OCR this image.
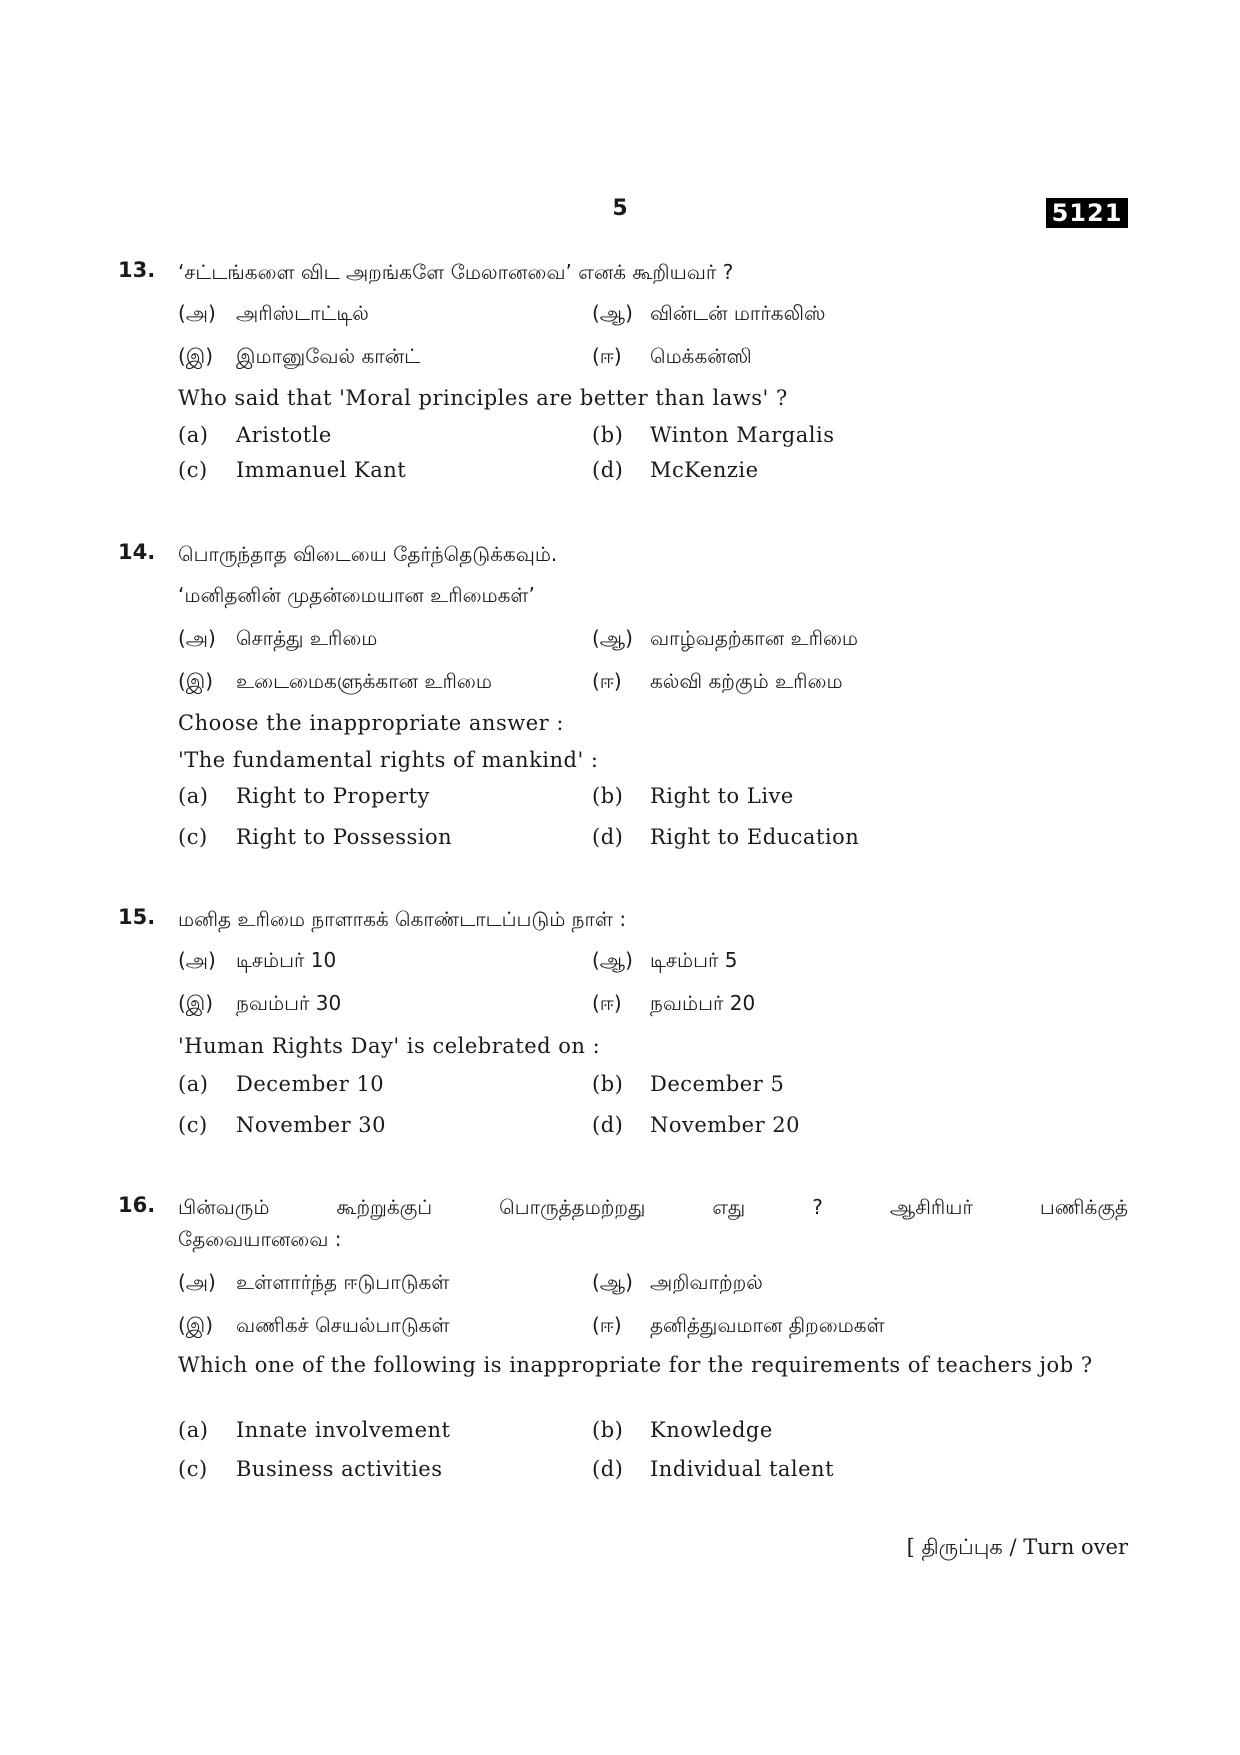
5	5121
13. ‘சட்டங்களை விட அறங்களே மேலானவை’ எனக் கூறியவர் ?
(அ) அரிஸ்டாட்டில்	(ஆ) வின்டன் மார்கலிஸ்
(இ) இமானுவேல் கான்ட்	(ஈ) மெக்கன்ஸி
Who said that 'Moral principles are better than laws' ?
(a) Aristotle	(b) Winton Margalis
(c) Immanuel Kant	(d) McKenzie
14. பொருந்தாத விடையை தேர்ந்தெடுக்கவும்.
‘மனிதனின் முதன்மையான உரிமைகள்’
(அ) சொத்து உரிமை	(ஆ) வாழ்வதற்கான உரிமை
(இ) உடைமைகளுக்கான உரிமை	(ஈ) கல்வி கற்கும் உரிமை
Choose the inappropriate answer :
'The fundamental rights of mankind' :
(a) Right to Property	(b) Right to Live
(c) Right to Possession	(d) Right to Education
15. மனித உரிமை நாளாகக் கொண்டாடப்படும் நாள் :
(அ) டிசம்பர் 10	(ஆ) டிசம்பர் 5
(இ) நவம்பர் 30	(ஈ) நவம்பர் 20
'Human Rights Day' is celebrated on :
(a) December 10	(b) December 5
(c) November 30	(d) November 20
16. பின்வரும் கூற்றுக்குப் பொருத்தமற்றது எது ? ஆசிரியர் பணிக்குத்
தேவையானவை :
(அ) உள்ளார்ந்த ஈடுபாடுகள்	(ஆ) அறிவாற்றல்
(இ) வணிகச் செயல்பாடுகள்	(ஈ) தனித்துவமான திறமைகள்
Which one of the following is inappropriate for the requirements of teachers job ?
(a) Innate involvement	(b) Knowledge
(c) Business activities	(d) Individual talent
[ திருப்புக / Turn over
